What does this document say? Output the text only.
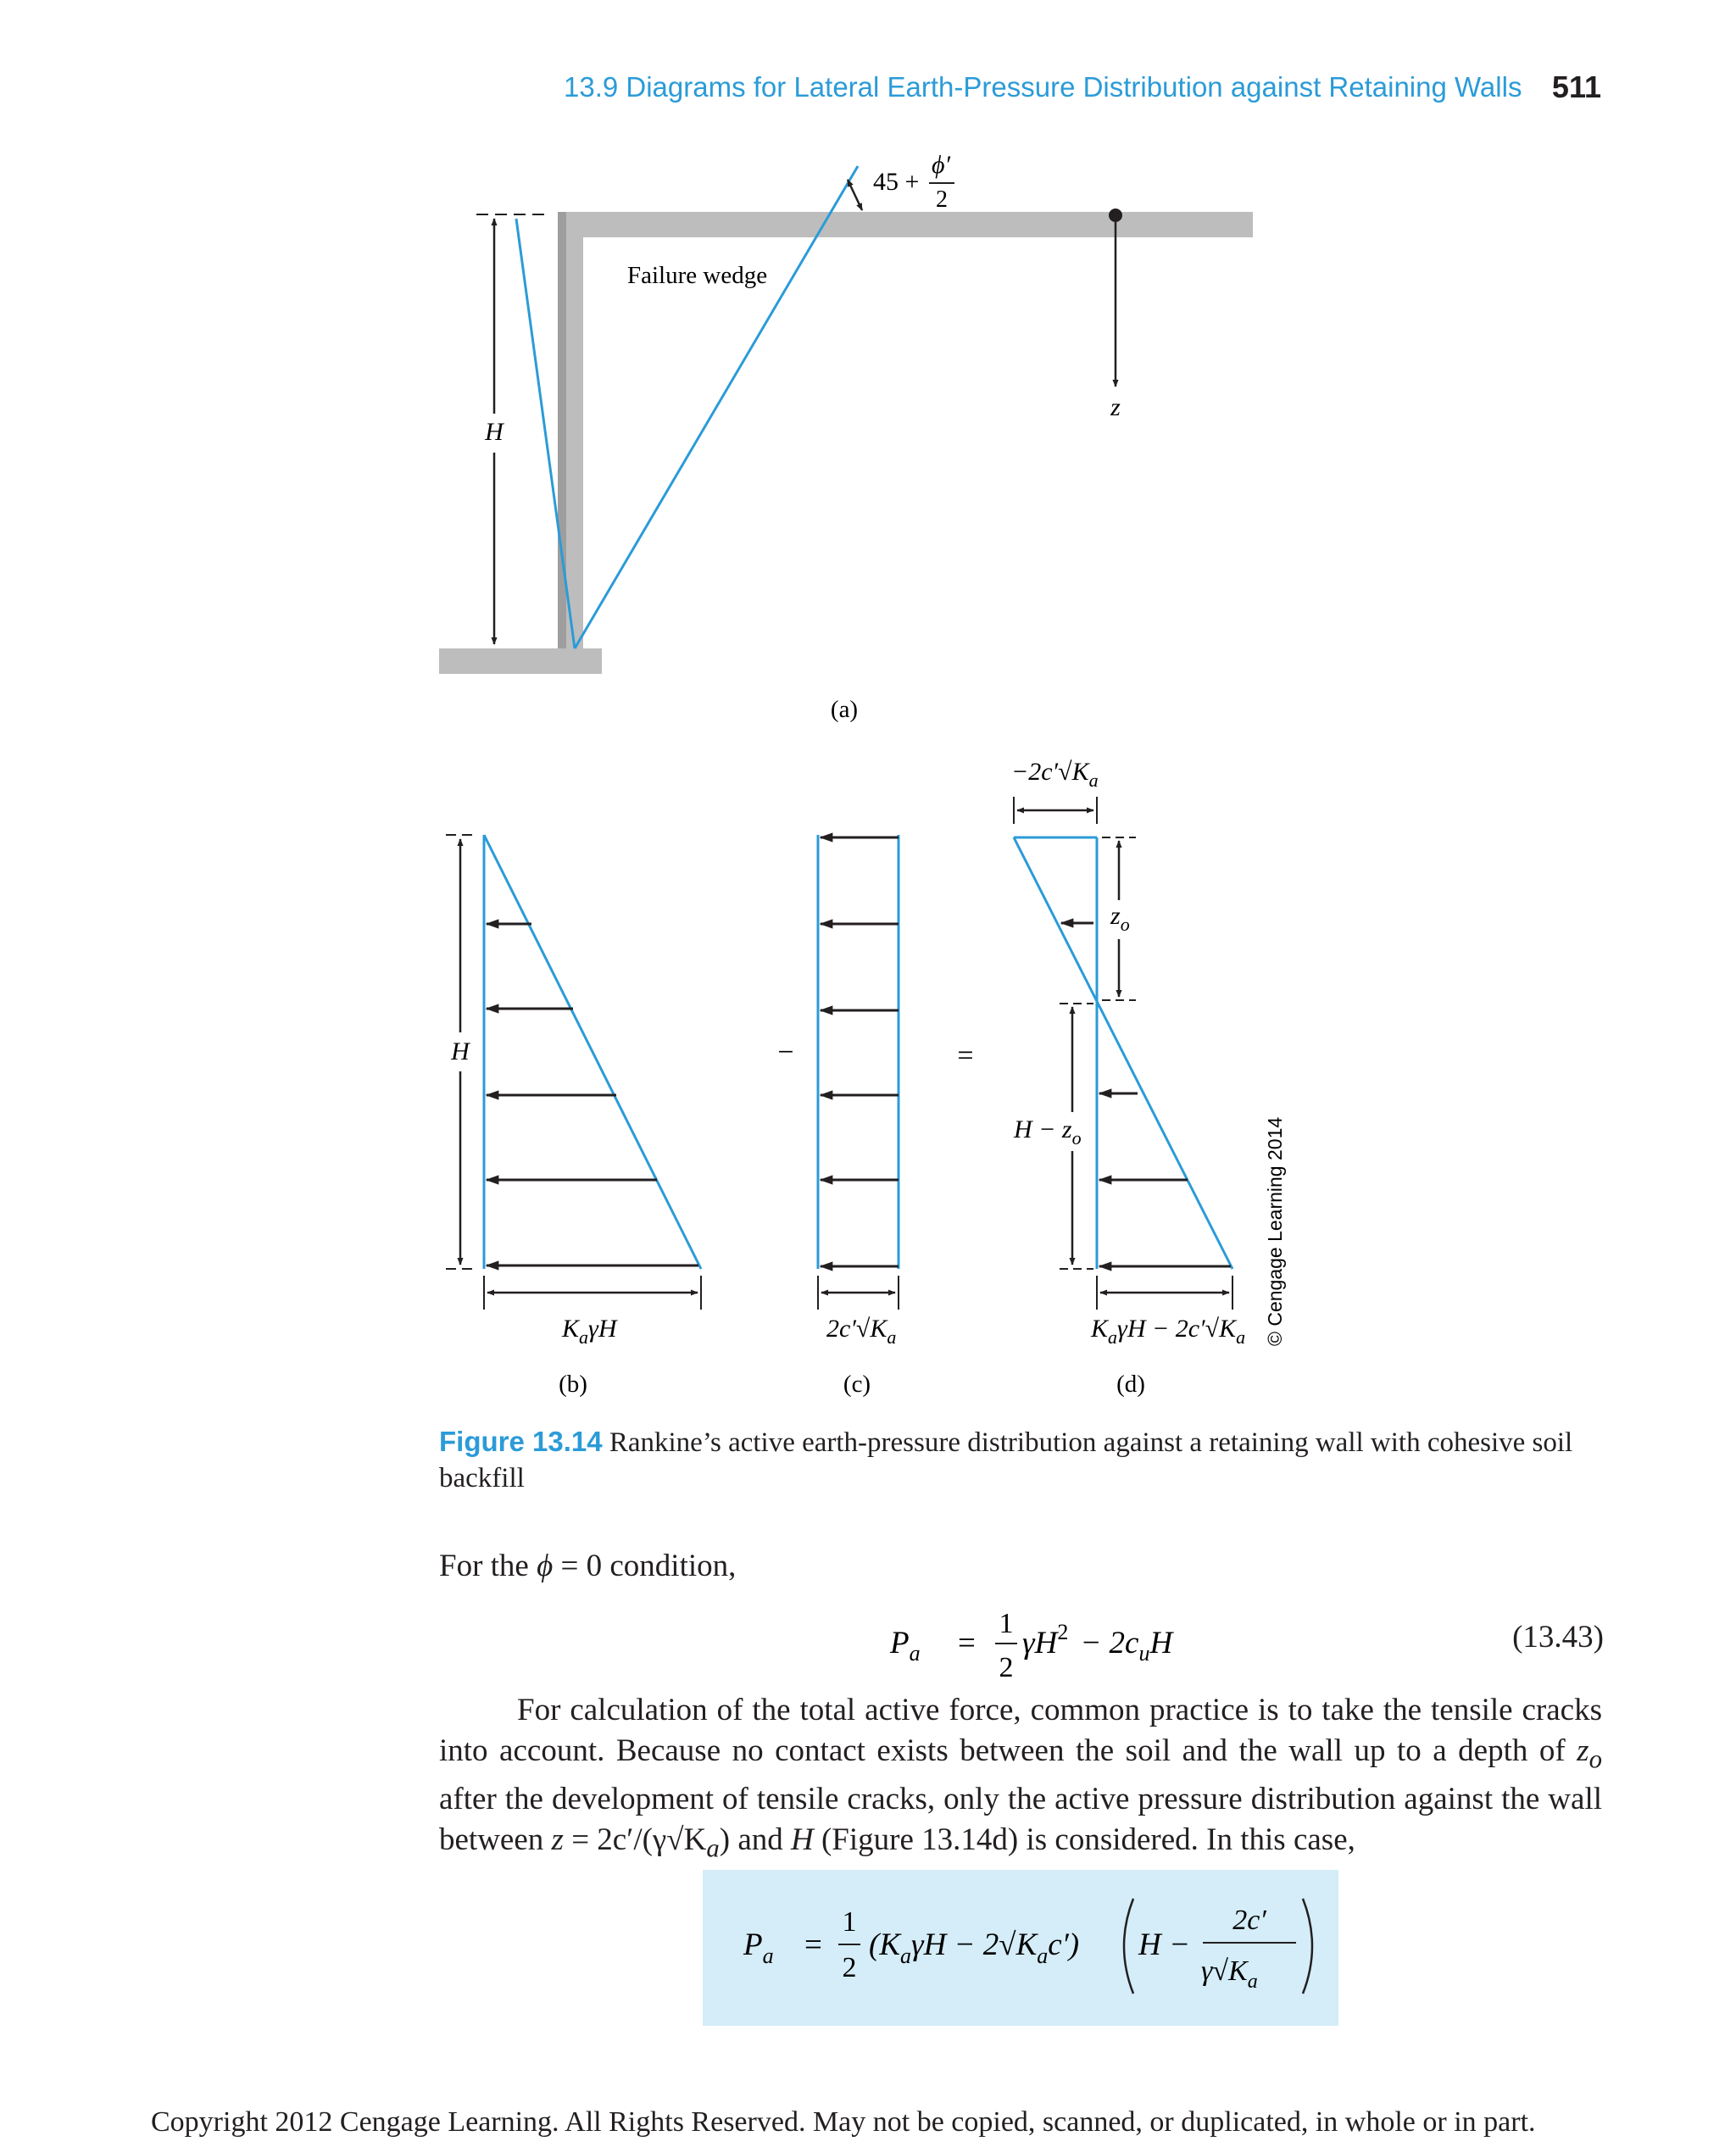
13.9 Diagrams for Lateral Earth-Pressure Distribution against Retaining Walls 511
H
Failure wedge
45 +
ϕ′
2
z
(a)
H
$K_a\gamma H$
(b)
−
$2c'√K_a$
(c)
=
$-2c'√K_a$
$z_o$
$H - z_o$
$K_a\gamma H - 2c'√K_a$
(d)
© Cengage Learning 2014
Figure 13.14 Rankine’s active earth-pressure distribution against a retaining wall with cohesive soil backfill
For the ϕ = 0 condition,
$P_a$ =
1
2
$\gamma H^2 - 2c_uH$	(13.43)
For calculation of the total active force, common practice is to take the tensile cracks into account. Because no contact exists between the soil and the wall up to a depth of $z_o$ after the development of tensile cracks, only the active pressure distribution against the wall between $z = 2c'/(\gamma√K_a)$ and H (Figure 13.14d) is considered. In this case,
$P_a$ =
1
2
$(K_a\gamma H - 2√K_ac') H$ −
2c′
$\gamma√K_a$
Copyright 2012 Cengage Learning. All Rights Reserved. May not be copied, scanned, or duplicated, in whole or in part.
